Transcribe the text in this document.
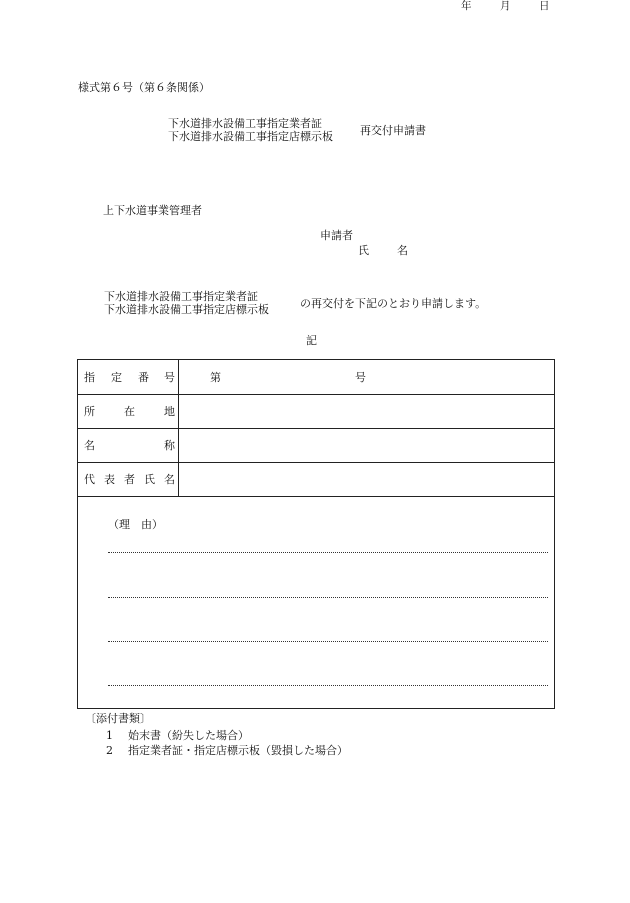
様式第６号（第６条関係）
下水道排水設備工事指定業者証
下水道排水設備工事指定店標示板 再交付申請書
年	月	日
上下水道事業管理者
申請者
氏	名
下水道排水設備工事指定業者証
下水道排水設備工事指定店標示板	の再交付を下記のとおり申請します。
記
指 定 番 号	第	号
所	在	地
名	称
代 表 者 氏 名
（理　由）
〔添付書類〕
1 始末書（紛失した場合）
2 指定業者証・指定店標示板（毀損した場合）
